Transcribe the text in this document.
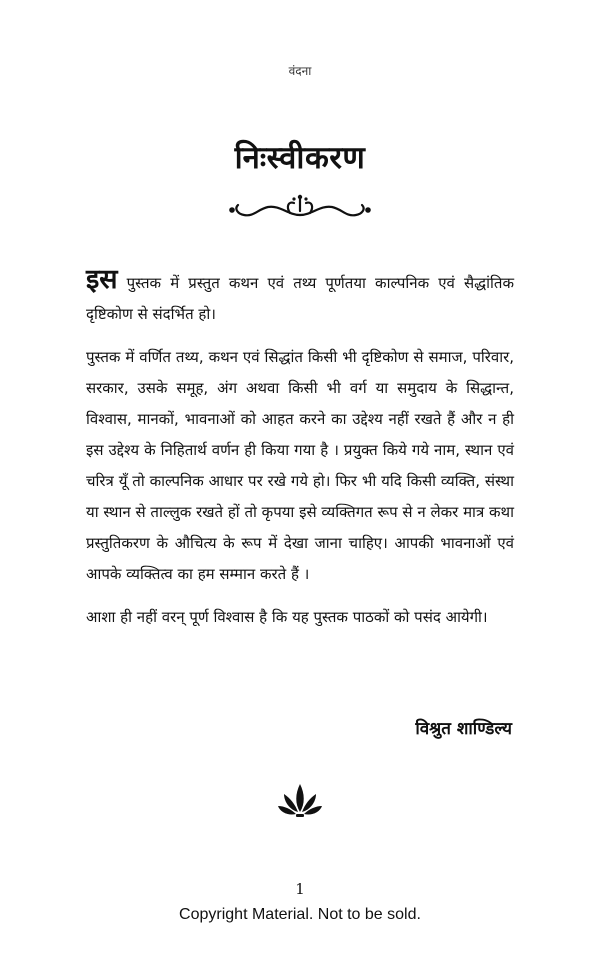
वंदना
निःस्वीकरण

इस पुस्तक में प्रस्तुत कथन एवं तथ्य पूर्णतया काल्पनिक एवं सैद्धांतिक दृष्टिकोण से संदर्भित हो।

पुस्तक में वर्णित तथ्य, कथन एवं सिद्धांत किसी भी दृष्टिकोण से समाज, परिवार, सरकार, उसके समूह, अंग अथवा किसी भी वर्ग या समुदाय के सिद्धान्त, विश्वास, मानकों, भावनाओं को आहत करने का उद्देश्य नहीं रखते हैं और न ही इस उद्देश्य के निहितार्थ वर्णन ही किया गया है । प्रयुक्त किये गये नाम, स्थान एवं चरित्र यूँ तो काल्पनिक आधार पर रखे गये हो। फिर भी यदि किसी व्यक्ति, संस्था या स्थान से ताल्लुक रखते हों तो कृपया इसे व्यक्तिगत रूप से न लेकर मात्र कथा प्रस्तुतिकरण के औचित्य के रूप में देखा जाना चाहिए। आपकी भावनाओं एवं आपके व्यक्तित्व का हम सम्मान करते हैं ।

आशा ही नहीं वरन् पूर्ण विश्वास है कि यह पुस्तक पाठकों को पसंद आयेगी।

विश्रुत शाण्डिल्य
1
Copyright Material. Not to be sold.
